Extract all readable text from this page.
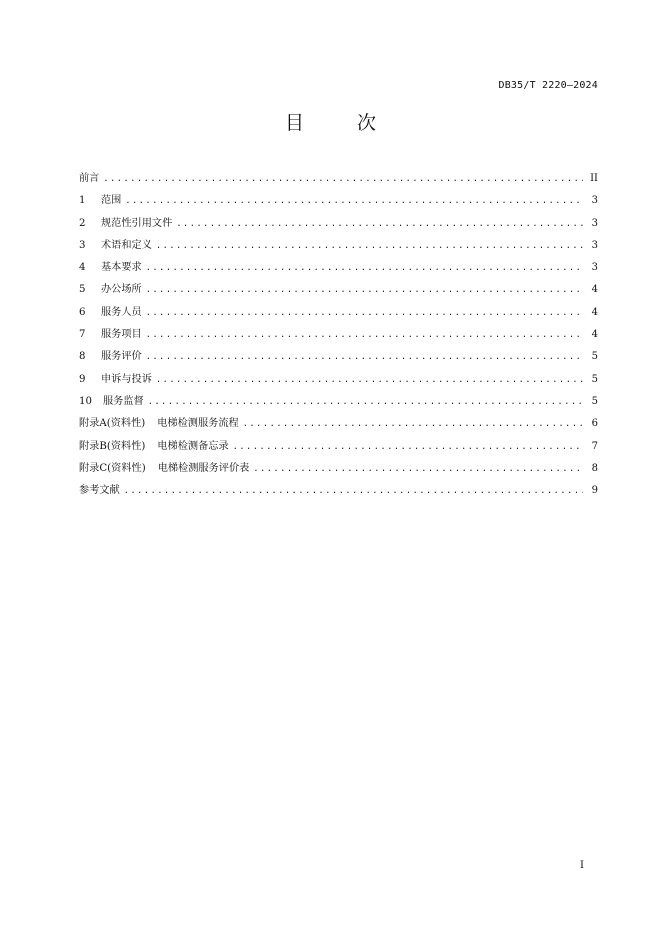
DB35/T 2220—2024
目	次
前言 .....	II
1	范围 .....	3
2	规范性引用文件 .....	3
3	术语和定义 .....	3
4	基本要求 .....	3
5	办公场所 .....	4
6	服务人员 .....	4
7	服务项目 .....	4
8	服务评价 .....	5
9	申诉与投诉 .....	5
10	服务监督 .....	5
附录A(资料性) 电梯检测服务流程 .....	6
附录B(资料性) 电梯检测备忘录 .....	7
附录C(资料性) 电梯检测服务评价表 .....	8
参考文献 .....	9
I
